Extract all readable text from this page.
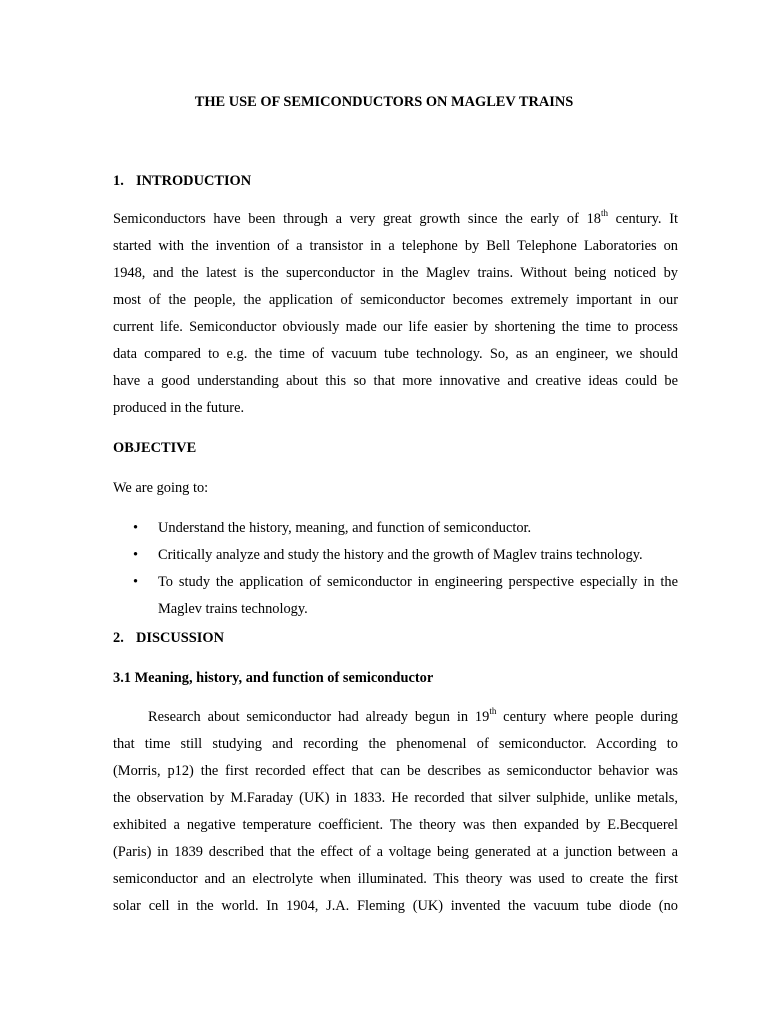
THE USE OF SEMICONDUCTORS ON MAGLEV TRAINS
1. INTRODUCTION
Semiconductors have been through a very great growth since the early of 18th century. It
started with the invention of a transistor in a telephone by Bell Telephone Laboratories on
1948, and the latest is the superconductor in the Maglev trains. Without being noticed by
most of the people, the application of semiconductor becomes extremely important in our
current life. Semiconductor obviously made our life easier by shortening the time to process
data compared to e.g. the time of vacuum tube technology. So, as an engineer, we should
have a good understanding about this so that more innovative and creative ideas could be
produced in the future.
OBJECTIVE
We are going to:
• Understand the history, meaning, and function of semiconductor.
• Critically analyze and study the history and the growth of Maglev trains technology.
• To study the application of semiconductor in engineering perspective especially in the
Maglev trains technology.
2. DISCUSSION
3.1 Meaning, history, and function of semiconductor
Research about semiconductor had already begun in 19th century where people during
that time still studying and recording the phenomenal of semiconductor. According to
(Morris, p12) the first recorded effect that can be describes as semiconductor behavior was
the observation by M.Faraday (UK) in 1833. He recorded that silver sulphide, unlike metals,
exhibited a negative temperature coefficient. The theory was then expanded by E.Becquerel
(Paris) in 1839 described that the effect of a voltage being generated at a junction between a
semiconductor and an electrolyte when illuminated. This theory was used to create the first
solar cell in the world. In 1904, J.A. Fleming (UK) invented the vacuum tube diode (no
